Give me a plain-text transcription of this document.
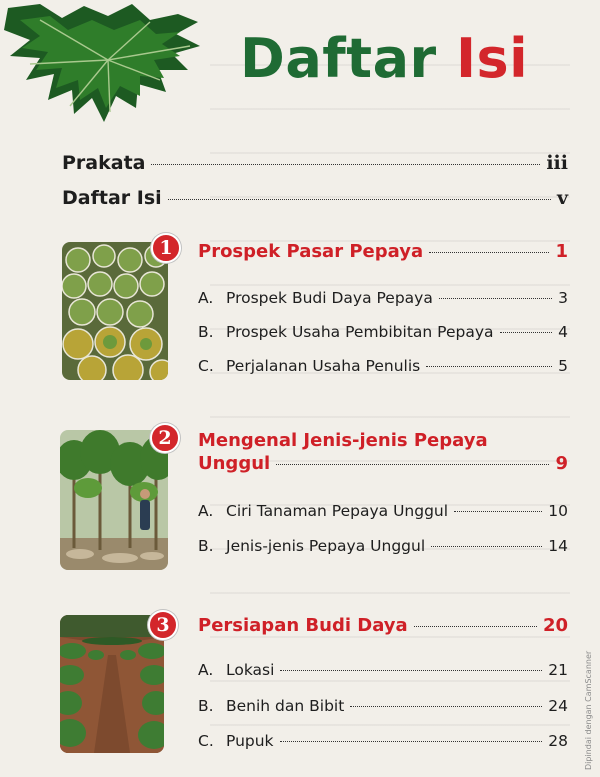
Daftar Isi
Prakata	iii
Daftar Isi	v
1 Prospek Pasar Pepaya	1
A. Prospek Budi Daya Pepaya	3
B. Prospek Usaha Pembibitan Pepaya	4
C. Perjalanan Usaha Penulis	5
2 Mengenal Jenis-jenis Pepaya
Unggul	9
A. Ciri Tanaman Pepaya Unggul	10
B. Jenis-jenis Pepaya Unggul	14
3 Persiapan Budi Daya	20
A. Lokasi	21
B. Benih dan Bibit	24
C. Pupuk	28 Dipindai dengan CamScanner
